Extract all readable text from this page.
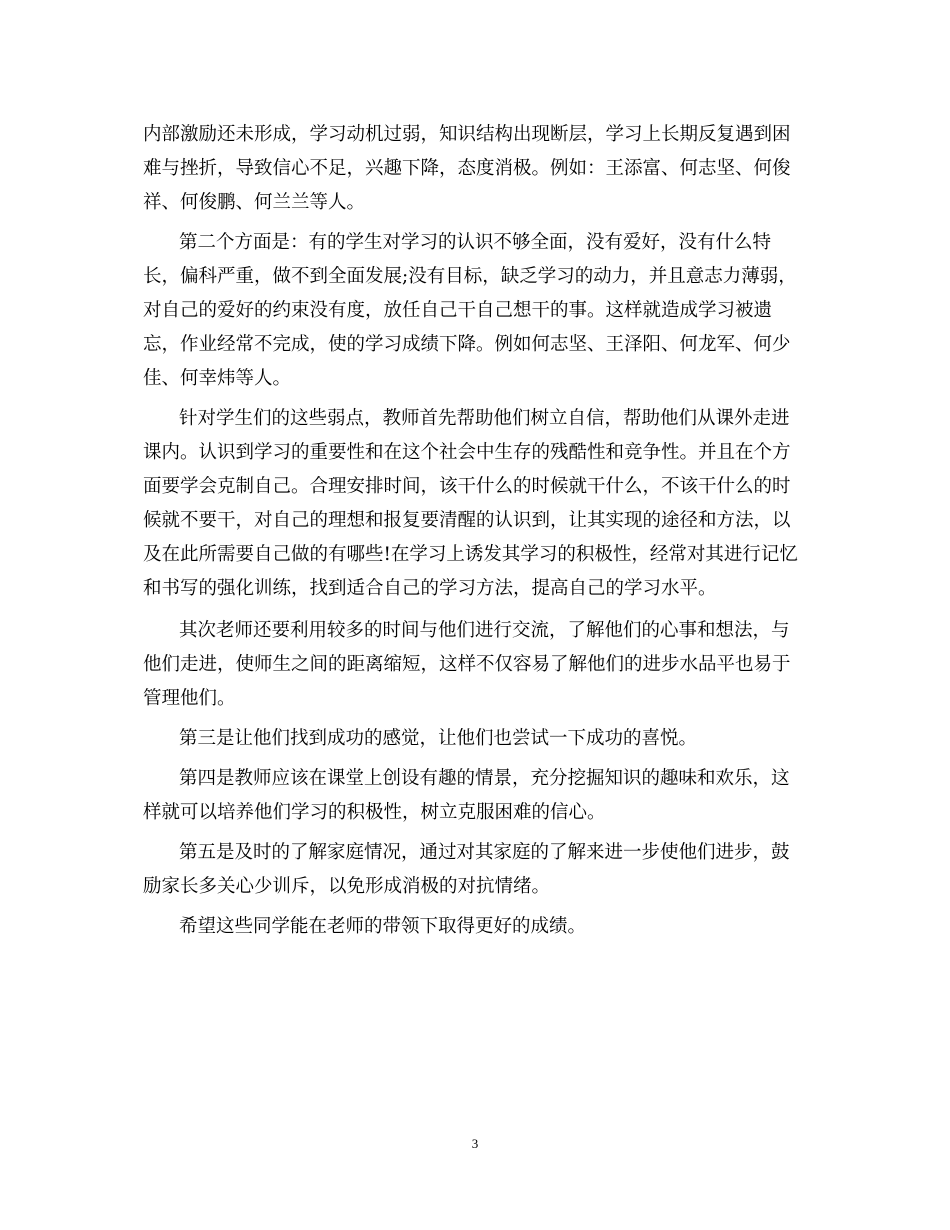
内部激励还未形成，学习动机过弱，知识结构出现断层，学习上长期反复遇到困
难与挫折，导致信心不足，兴趣下降，态度消极。例如：王添富、何志坚、何俊
祥、何俊鹏、何兰兰等人。
第二个方面是：有的学生对学习的认识不够全面，没有爱好，没有什么特
长，偏科严重，做不到全面发展;没有目标，缺乏学习的动力，并且意志力薄弱，
对自己的爱好的约束没有度，放任自己干自己想干的事。这样就造成学习被遗
忘，作业经常不完成，使的学习成绩下降。例如何志坚、王泽阳、何龙军、何少
佳、何幸炜等人。
针对学生们的这些弱点，教师首先帮助他们树立自信，帮助他们从课外走进
课内。认识到学习的重要性和在这个社会中生存的残酷性和竞争性。并且在个方
面要学会克制自己。合理安排时间，该干什么的时候就干什么，不该干什么的时
候就不要干，对自己的理想和报复要清醒的认识到，让其实现的途径和方法，以
及在此所需要自己做的有哪些!在学习上诱发其学习的积极性，经常对其进行记忆
和书写的强化训练，找到适合自己的学习方法，提高自己的学习水平。
其次老师还要利用较多的时间与他们进行交流，了解他们的心事和想法，与
他们走进，使师生之间的距离缩短，这样不仅容易了解他们的进步水品平也易于
管理他们。
第三是让他们找到成功的感觉，让他们也尝试一下成功的喜悦。
第四是教师应该在课堂上创设有趣的情景，充分挖掘知识的趣味和欢乐，这
样就可以培养他们学习的积极性，树立克服困难的信心。
第五是及时的了解家庭情况，通过对其家庭的了解来进一步使他们进步，鼓
励家长多关心少训斥，以免形成消极的对抗情绪。
希望这些同学能在老师的带领下取得更好的成绩。
3
